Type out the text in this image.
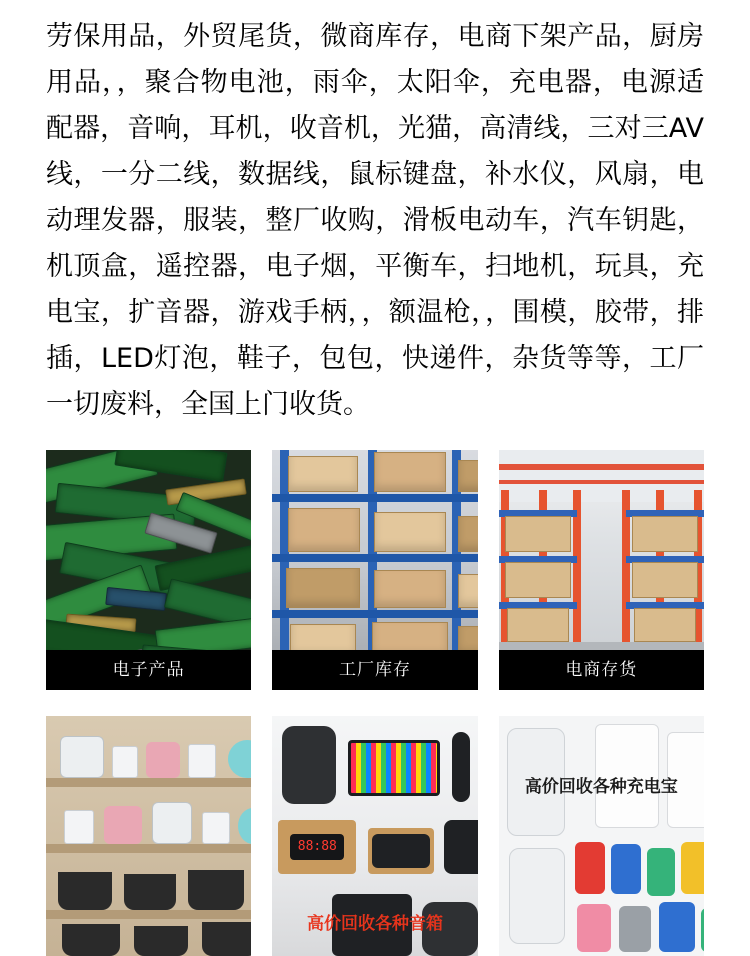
劳保用品，外贸尾货，微商库存，电商下架产品，厨房用品，，聚合物电池，雨伞，太阳伞，充电器，电源适配器，音响，耳机，收音机，光猫，高清线，三对三AV线，一分二线，数据线，鼠标键盘，补水仪，风扇，电动理发器，服装，整厂收购，滑板电动车，汽车钥匙，机顶盒，遥控器，电子烟，平衡车，扫地机，玩具，充电宝，扩音器，游戏手柄，，额温枪，，围模，胶带，排插，LED灯泡，鞋子，包包，快递件，杂货等等，工厂一切废料，全国上门收货。
电子产品	工厂库存	电商存货
88:88
高价回收各种音箱
高价回收各种充电宝
